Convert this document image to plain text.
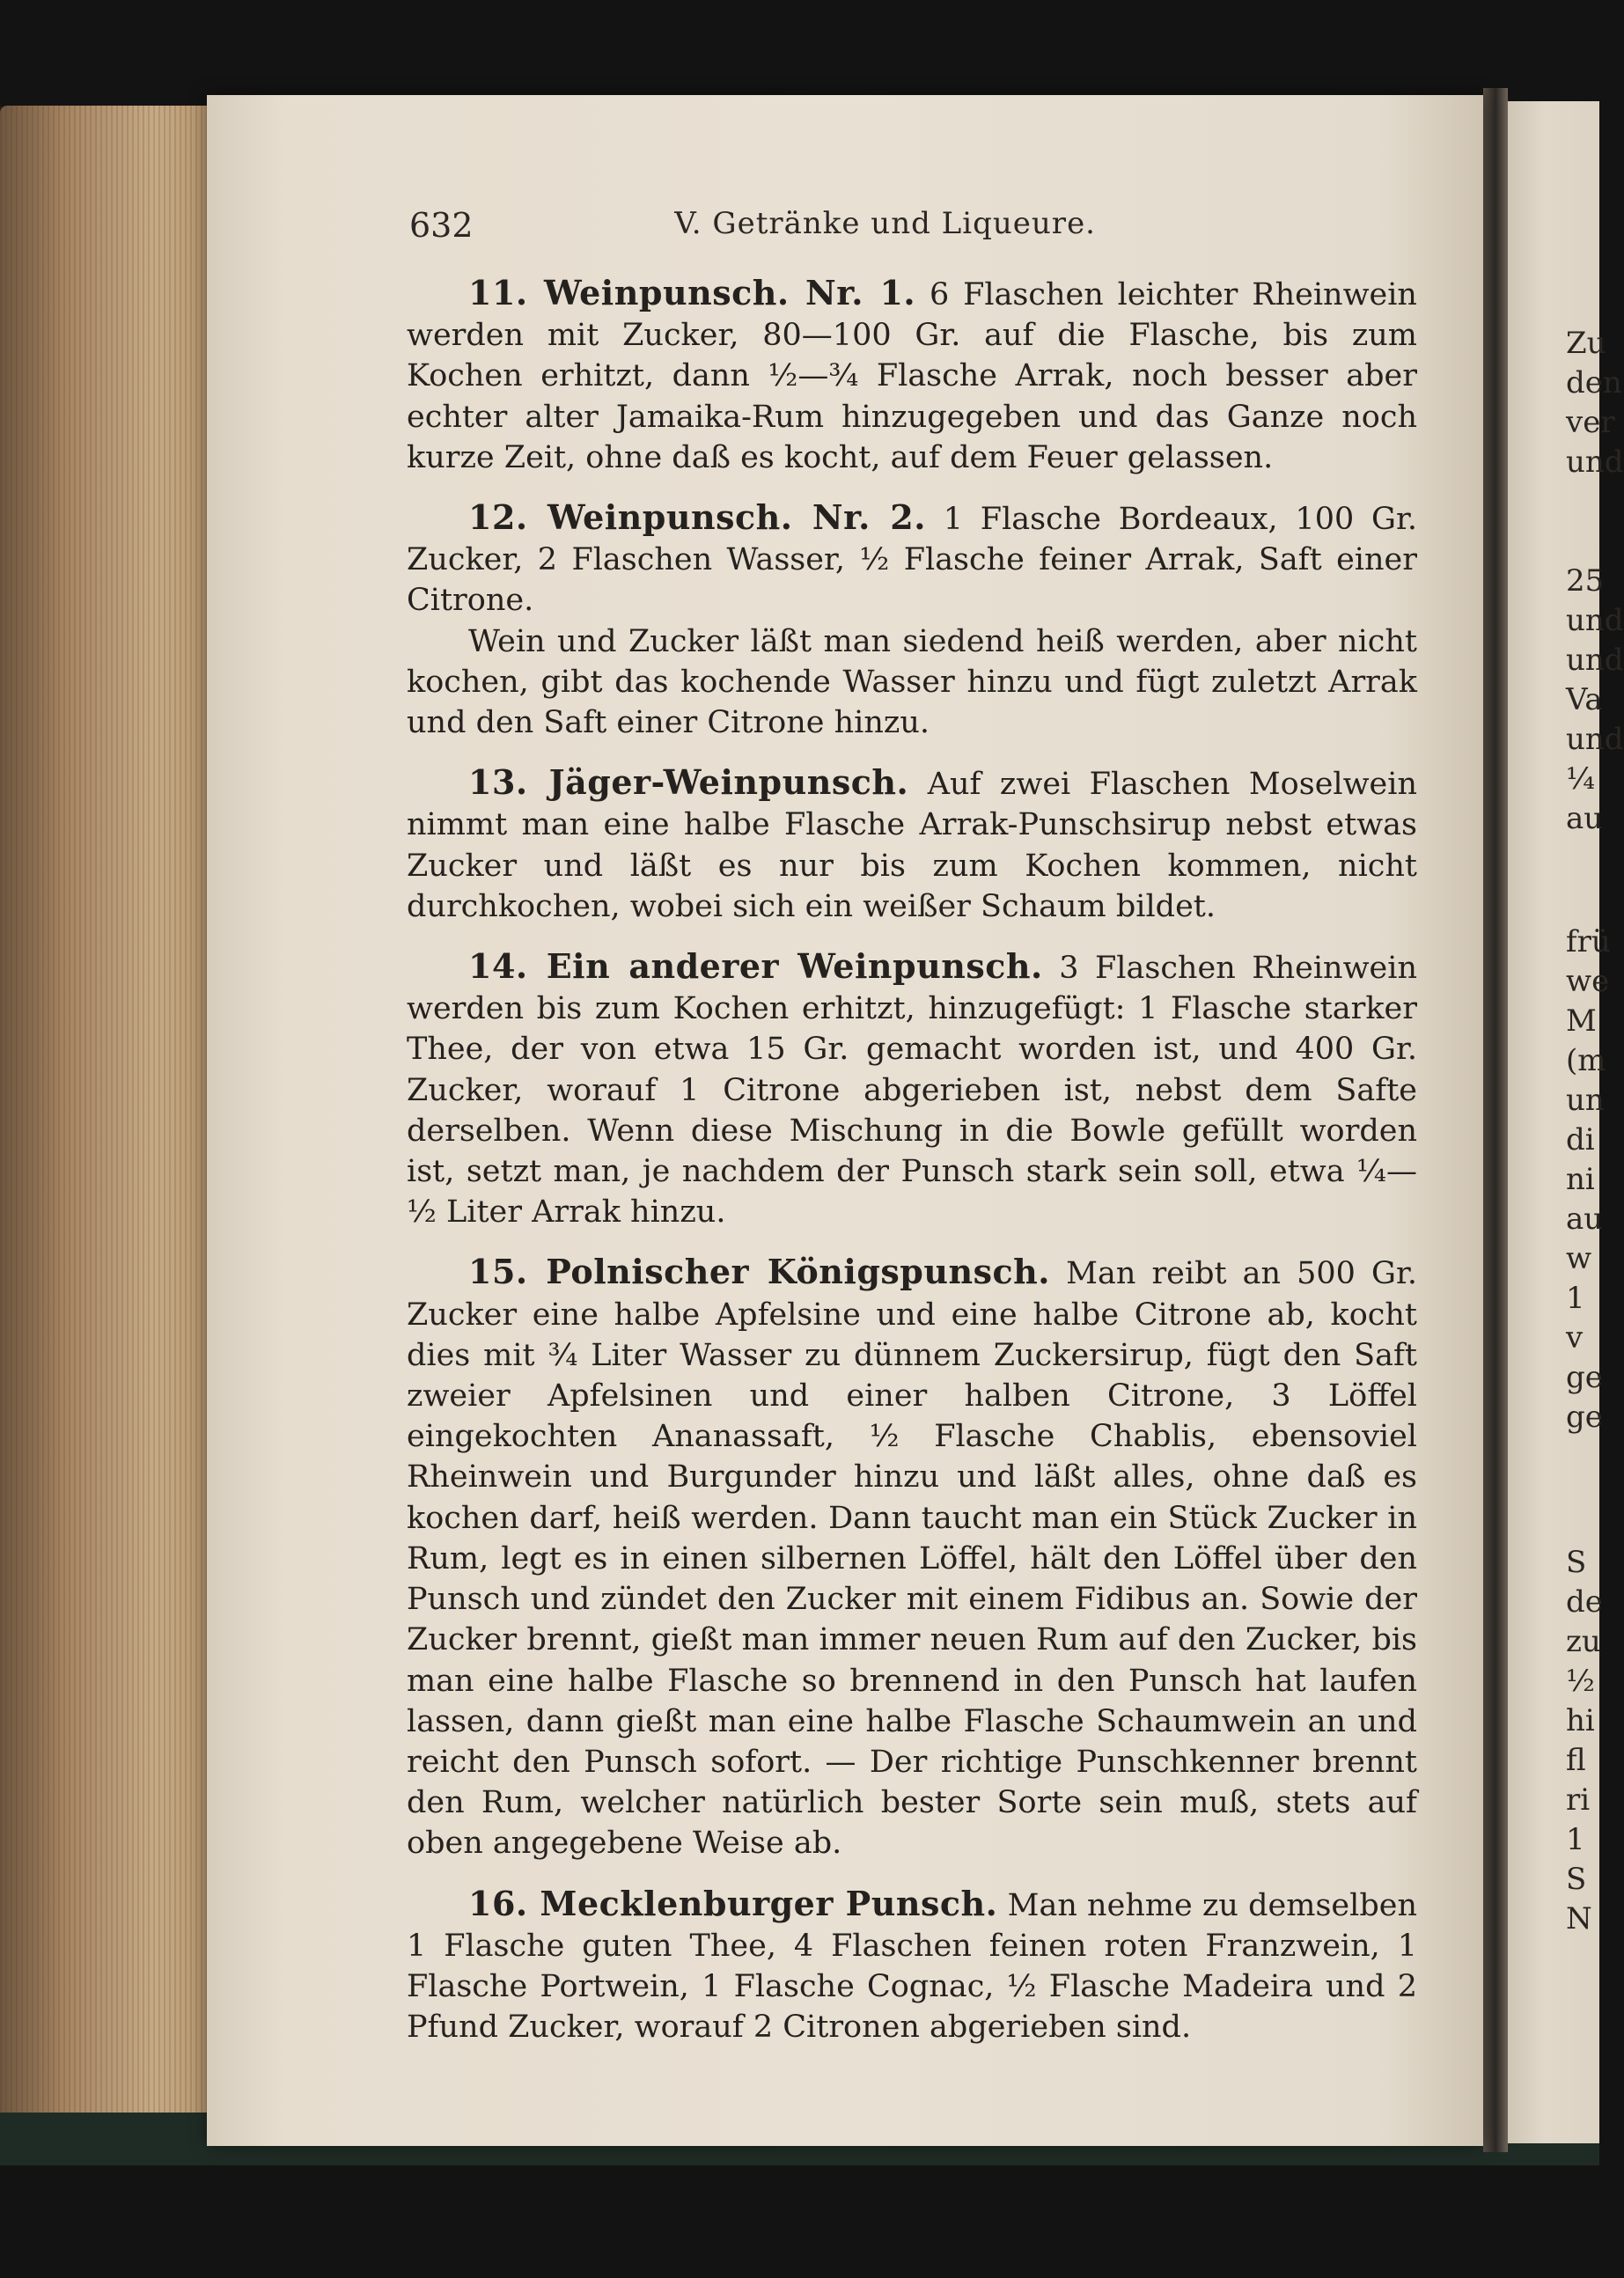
Zu
den
ver
und
25
und
und
Va
und
¼
au
frü
we
M
(m
un
di
ni
au
w
1
v
ge
ge
S
de
zu
½
hi
fl
ri
1
S
N
632	V. Getränke und Liqueure.

11. Weinpunsch. Nr. 1. 6 Flaschen leichter Rheinwein werden mit Zucker, 80—100 Gr. auf die Flasche, bis zum Kochen erhitzt, dann ½—¾ Flasche Arrak, noch besser aber echter alter Jamaika-Rum hinzugegeben und das Ganze noch kurze Zeit, ohne daß es kocht, auf dem Feuer gelassen.

12. Weinpunsch. Nr. 2. 1 Flasche Bordeaux, 100 Gr. Zucker, 2 Flaschen Wasser, ½ Flasche feiner Arrak, Saft einer Citrone.

Wein und Zucker läßt man siedend heiß werden, aber nicht kochen, gibt das kochende Wasser hinzu und fügt zuletzt Arrak und den Saft einer Citrone hinzu.

13. Jäger-Weinpunsch. Auf zwei Flaschen Moselwein nimmt man eine halbe Flasche Arrak-Punschsirup nebst etwas Zucker und läßt es nur bis zum Kochen kommen, nicht durchkochen, wobei sich ein weißer Schaum bildet.

14. Ein anderer Weinpunsch. 3 Flaschen Rheinwein werden bis zum Kochen erhitzt, hinzugefügt: 1 Flasche starker Thee, der von etwa 15 Gr. gemacht worden ist, und 400 Gr. Zucker, worauf 1 Citrone abgerieben ist, nebst dem Safte derselben. Wenn diese Mischung in die Bowle gefüllt worden ist, setzt man, je nachdem der Punsch stark sein soll, etwa ¼—½ Liter Arrak hinzu.

15. Polnischer Königspunsch. Man reibt an 500 Gr. Zucker eine halbe Apfelsine und eine halbe Citrone ab, kocht dies mit ¾ Liter Wasser zu dünnem Zuckersirup, fügt den Saft zweier Apfelsinen und einer halben Citrone, 3 Löffel eingekochten Ananassaft, ½ Flasche Chablis, ebensoviel Rheinwein und Burgunder hinzu und läßt alles, ohne daß es kochen darf, heiß werden. Dann taucht man ein Stück Zucker in Rum, legt es in einen silbernen Löffel, hält den Löffel über den Punsch und zündet den Zucker mit einem Fidibus an. Sowie der Zucker brennt, gießt man immer neuen Rum auf den Zucker, bis man eine halbe Flasche so brennend in den Punsch hat laufen lassen, dann gießt man eine halbe Flasche Schaumwein an und reicht den Punsch sofort. — Der richtige Punschkenner brennt den Rum, welcher natürlich bester Sorte sein muß, stets auf oben angegebene Weise ab.

16. Mecklenburger Punsch. Man nehme zu demselben 1 Flasche guten Thee, 4 Flaschen feinen roten Franzwein, 1 Flasche Portwein, 1 Flasche Cognac, ½ Flasche Madeira und 2 Pfund Zucker, worauf 2 Citronen abgerieben sind.
